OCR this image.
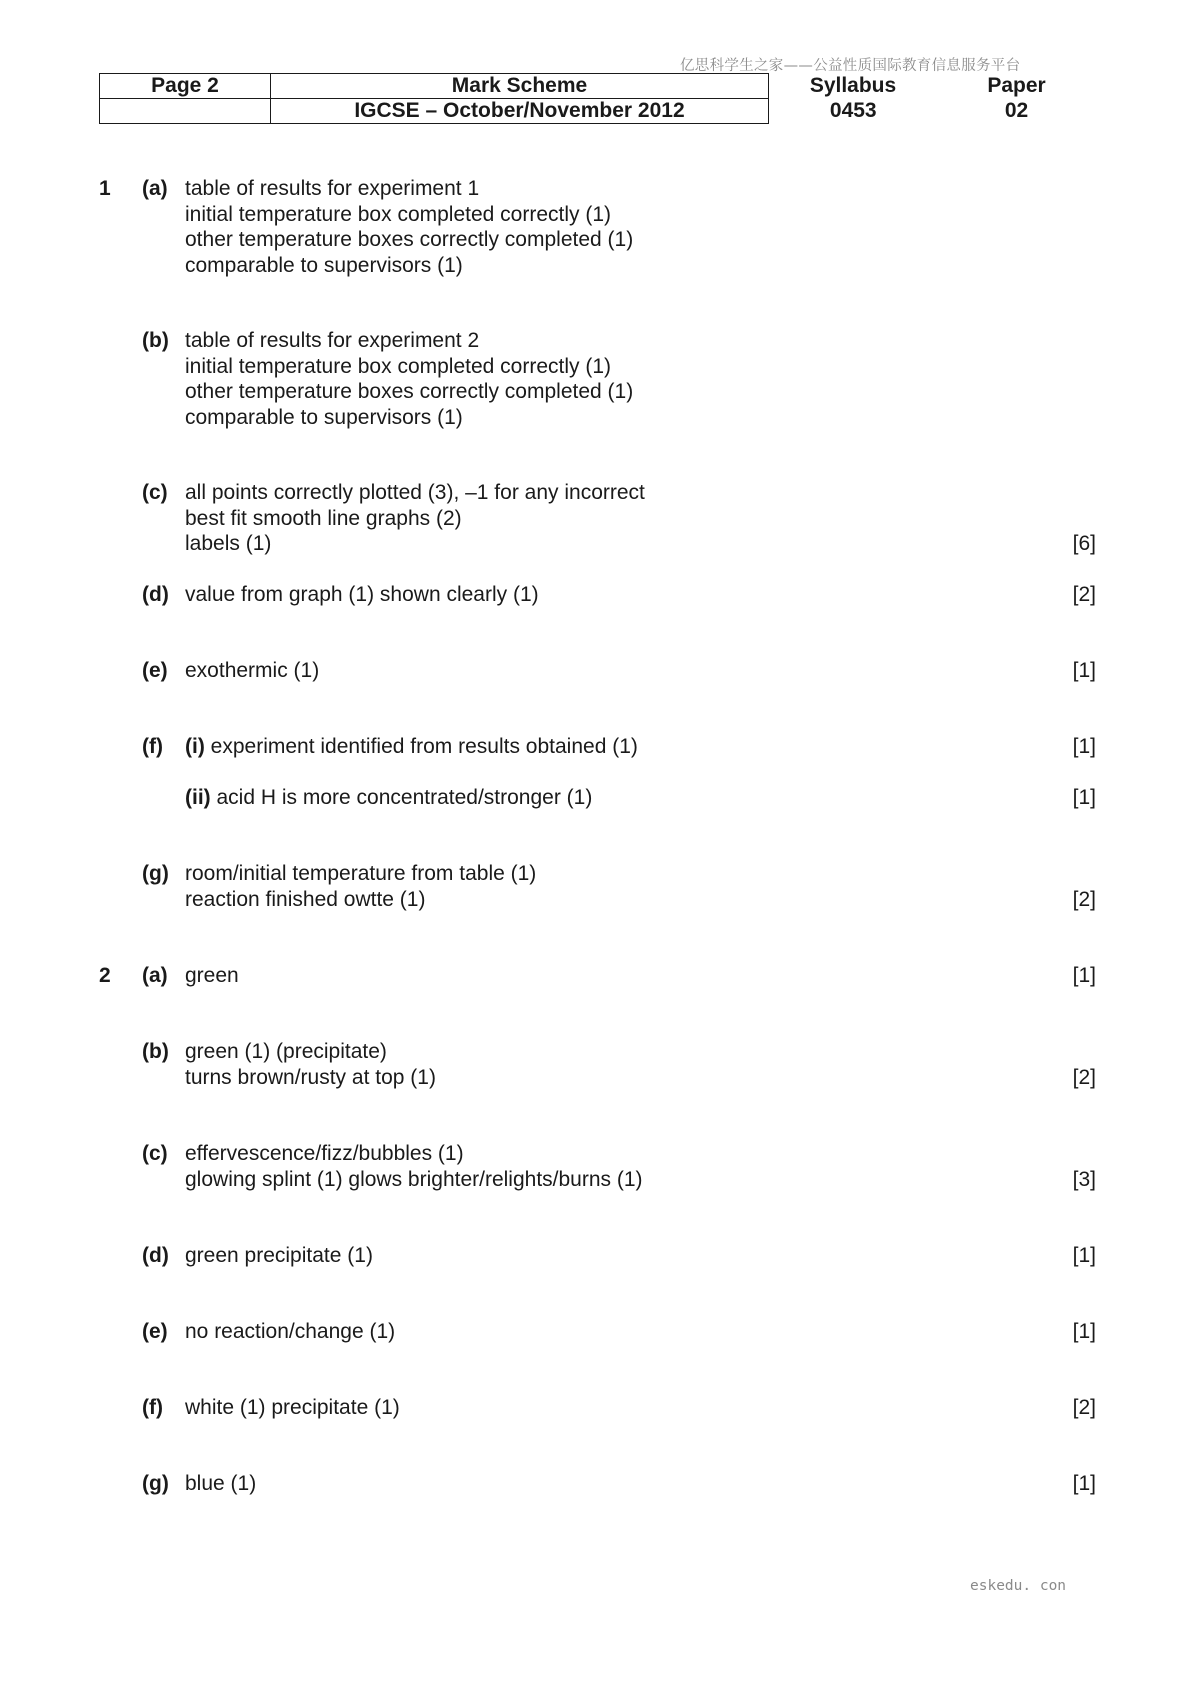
亿思科学生之家——公益性质国际教育信息服务平台
Page 2	Mark Scheme	Syllabus	Paper
	IGCSE – October/November 2012	0453	02
1 (a) table of results for experiment 1
initial temperature box completed correctly (1)
other temperature boxes correctly completed (1)
comparable to supervisors (1)
(b) table of results for experiment 2
initial temperature box completed correctly (1)
other temperature boxes correctly completed (1)
comparable to supervisors (1)
(c) all points correctly plotted (3), –1 for any incorrect
best fit smooth line graphs (2)
labels (1)	[6]
(d) value from graph (1) shown clearly (1)	[2]
(e) exothermic (1)	[1]
(f) (i) experiment identified from results obtained (1)	[1]
(ii) acid H is more concentrated/stronger (1)	[1]
(g) room/initial temperature from table (1)
reaction finished owtte (1)	[2]
2 (a) green	[1]
(b) green (1) (precipitate)
turns brown/rusty at top (1)	[2]
(c) effervescence/fizz/bubbles (1)
glowing splint (1) glows brighter/relights/burns (1)	[3]
(d) green precipitate (1)	[1]
(e) no reaction/change (1)	[1]
(f) white (1) precipitate (1)	[2]
(g) blue (1)	[1]
eskedu. con
